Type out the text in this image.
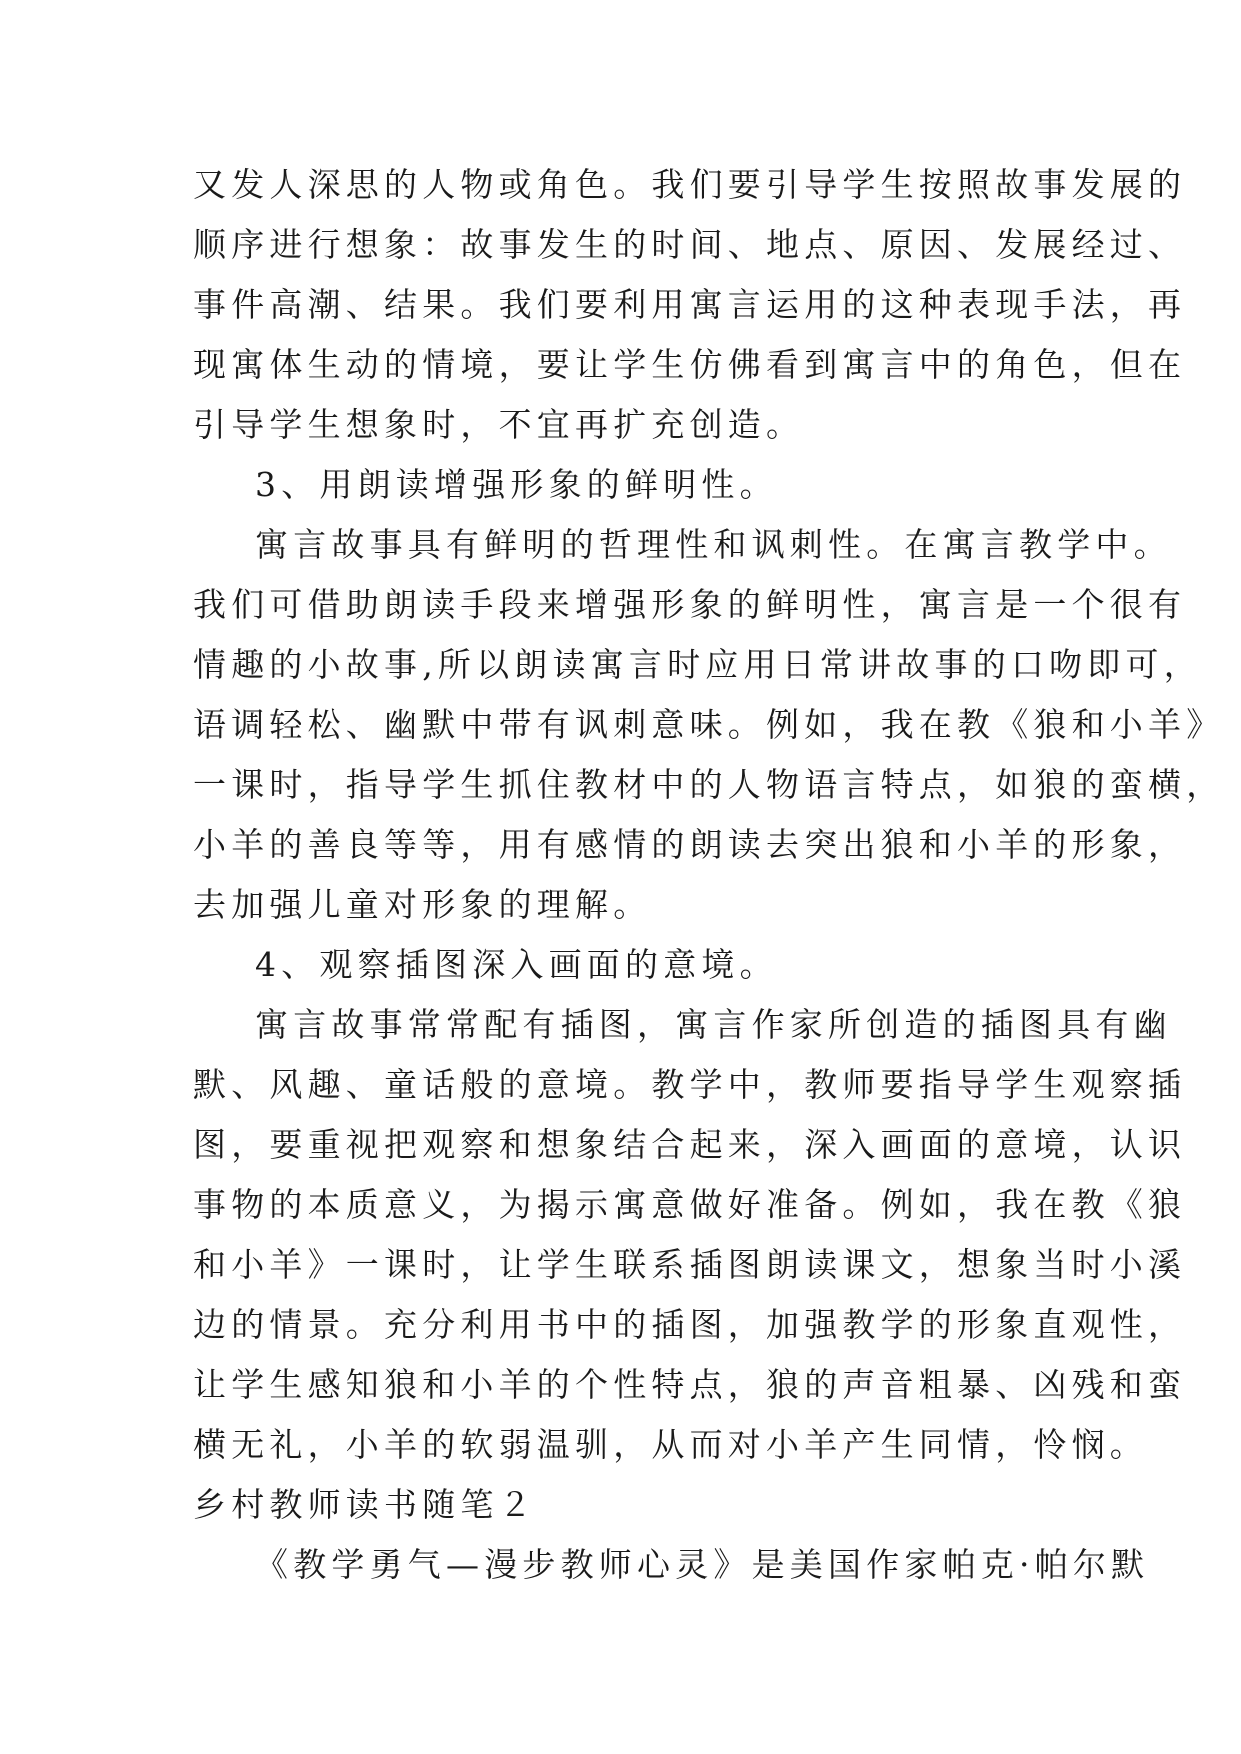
又发人深思的人物或角色。我们要引导学生按照故事发展的
顺序进行想象：故事发生的时间、地点、原因、发展经过、
事件高潮、结果。我们要利用寓言运用的这种表现手法，再
现寓体生动的情境，要让学生仿佛看到寓言中的角色，但在
引导学生想象时，不宜再扩充创造。
3、用朗读增强形象的鲜明性。
寓言故事具有鲜明的哲理性和讽刺性。在寓言教学中。
我们可借助朗读手段来增强形象的鲜明性，寓言是一个很有
情趣的小故事,所以朗读寓言时应用日常讲故事的口吻即可，
语调轻松、幽默中带有讽刺意味。例如，我在教《狼和小羊》
一课时，指导学生抓住教材中的人物语言特点，如狼的蛮横，
小羊的善良等等，用有感情的朗读去突出狼和小羊的形象，
去加强儿童对形象的理解。
4、观察插图深入画面的意境。
寓言故事常常配有插图，寓言作家所创造的插图具有幽
默、风趣、童话般的意境。教学中，教师要指导学生观察插
图，要重视把观察和想象结合起来，深入画面的意境，认识
事物的本质意义，为揭示寓意做好准备。例如，我在教《狼
和小羊》一课时，让学生联系插图朗读课文，想象当时小溪
边的情景。充分利用书中的插图，加强教学的形象直观性，
让学生感知狼和小羊的个性特点，狼的声音粗暴、凶残和蛮
横无礼，小羊的软弱温驯，从而对小羊产生同情，怜悯。
乡村教师读书随笔２
《教学勇气—漫步教师心灵》是美国作家帕克·帕尔默
